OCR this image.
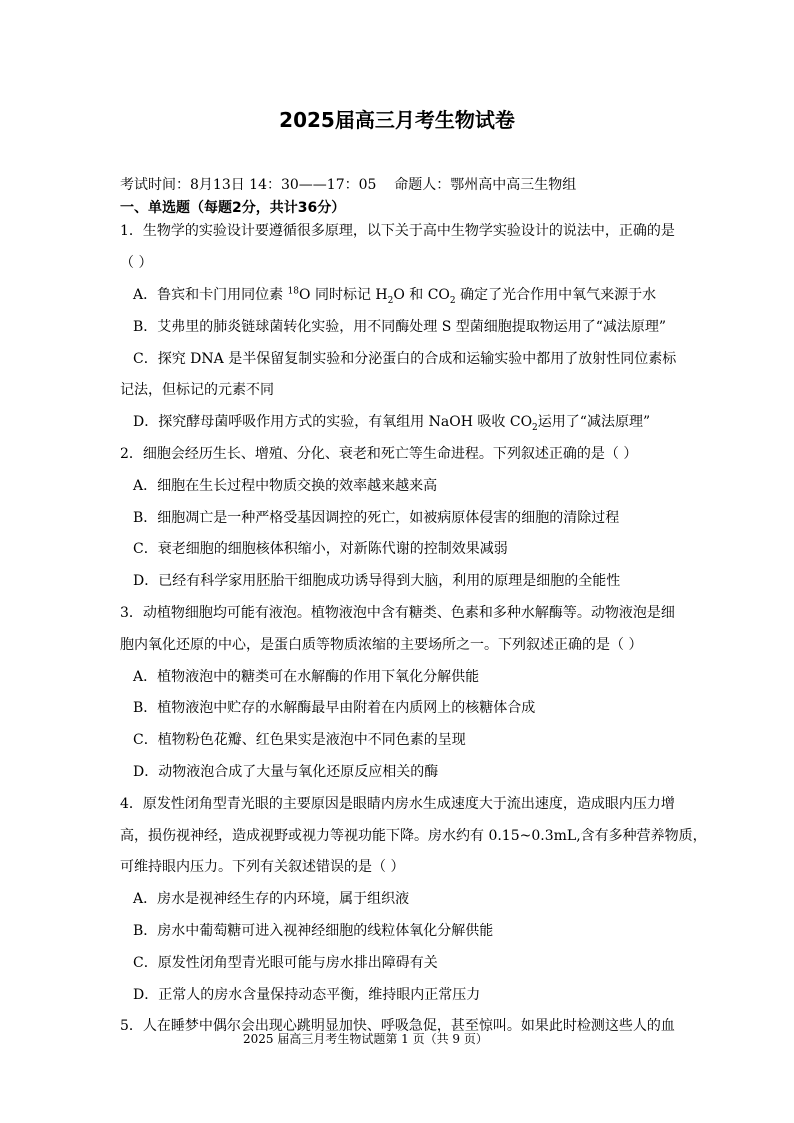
2025届高三月考生物试卷
考试时间：8月13日 14：30——17：05    命题人：鄂州高中高三生物组
一、单选题（每题2分，共计36分）
1．生物学的实验设计要遵循很多原理，以下关于高中生物学实验设计的说法中，正确的是
（ ）
A．鲁宾和卡门用同位素 $^{18}$O 同时标记 $H_2O$ 和 $CO_2$ 确定了光合作用中氧气来源于水
B．艾弗里的肺炎链球菌转化实验，用不同酶处理 S 型菌细胞提取物运用了“减法原理”
C．探究 DNA 是半保留复制实验和分泌蛋白的合成和运输实验中都用了放射性同位素标
记法，但标记的元素不同
D．探究酵母菌呼吸作用方式的实验，有氧组用 NaOH 吸收 $CO_2$运用了“减法原理”
2．细胞会经历生长、增殖、分化、衰老和死亡等生命进程。下列叙述正确的是（ ）
A．细胞在生长过程中物质交换的效率越来越来高
B．细胞凋亡是一种严格受基因调控的死亡，如被病原体侵害的细胞的清除过程
C．衰老细胞的细胞核体积缩小，对新陈代谢的控制效果减弱
D．已经有科学家用胚胎干细胞成功诱导得到大脑，利用的原理是细胞的全能性
3．动植物细胞均可能有液泡。植物液泡中含有糖类、色素和多种水解酶等。动物液泡是细
胞内氧化还原的中心，是蛋白质等物质浓缩的主要场所之一。下列叙述正确的是（ ）
A．植物液泡中的糖类可在水解酶的作用下氧化分解供能
B．植物液泡中贮存的水解酶最早由附着在内质网上的核糖体合成
C．植物粉色花瓣、红色果实是液泡中不同色素的呈现
D．动物液泡合成了大量与氧化还原反应相关的酶
4．原发性闭角型青光眼的主要原因是眼睛内房水生成速度大于流出速度，造成眼内压力增
高，损伤视神经，造成视野或视力等视功能下降。房水约有 0.15~0.3mL,含有多种营养物质，
可维持眼内压力。下列有关叙述错误的是（ ）
A．房水是视神经生存的内环境，属于组织液
B．房水中葡萄糖可进入视神经细胞的线粒体氧化分解供能
C．原发性闭角型青光眼可能与房水排出障碍有关
D．正常人的房水含量保持动态平衡，维持眼内正常压力
5．人在睡梦中偶尔会出现心跳明显加快、呼吸急促，甚至惊叫。如果此时检测这些人的血
2025 届高三月考生物试题第 1 页（共 9 页）
